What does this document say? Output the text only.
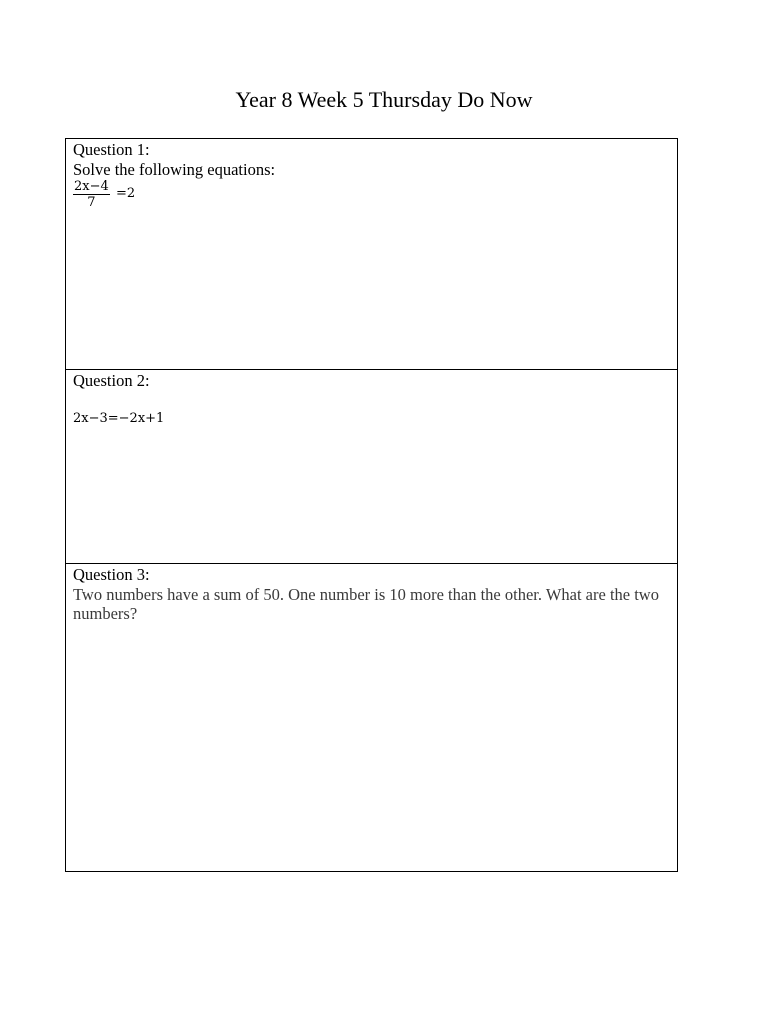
Year 8 Week 5 Thursday Do Now
Question 1:
Solve the following equations:
$\frac{2x-4}{7} =2$
Question 2:
2x−3=−2x+1
Question 3:
Two numbers have a sum of 50. One number is 10 more than the other. What are the two numbers?
